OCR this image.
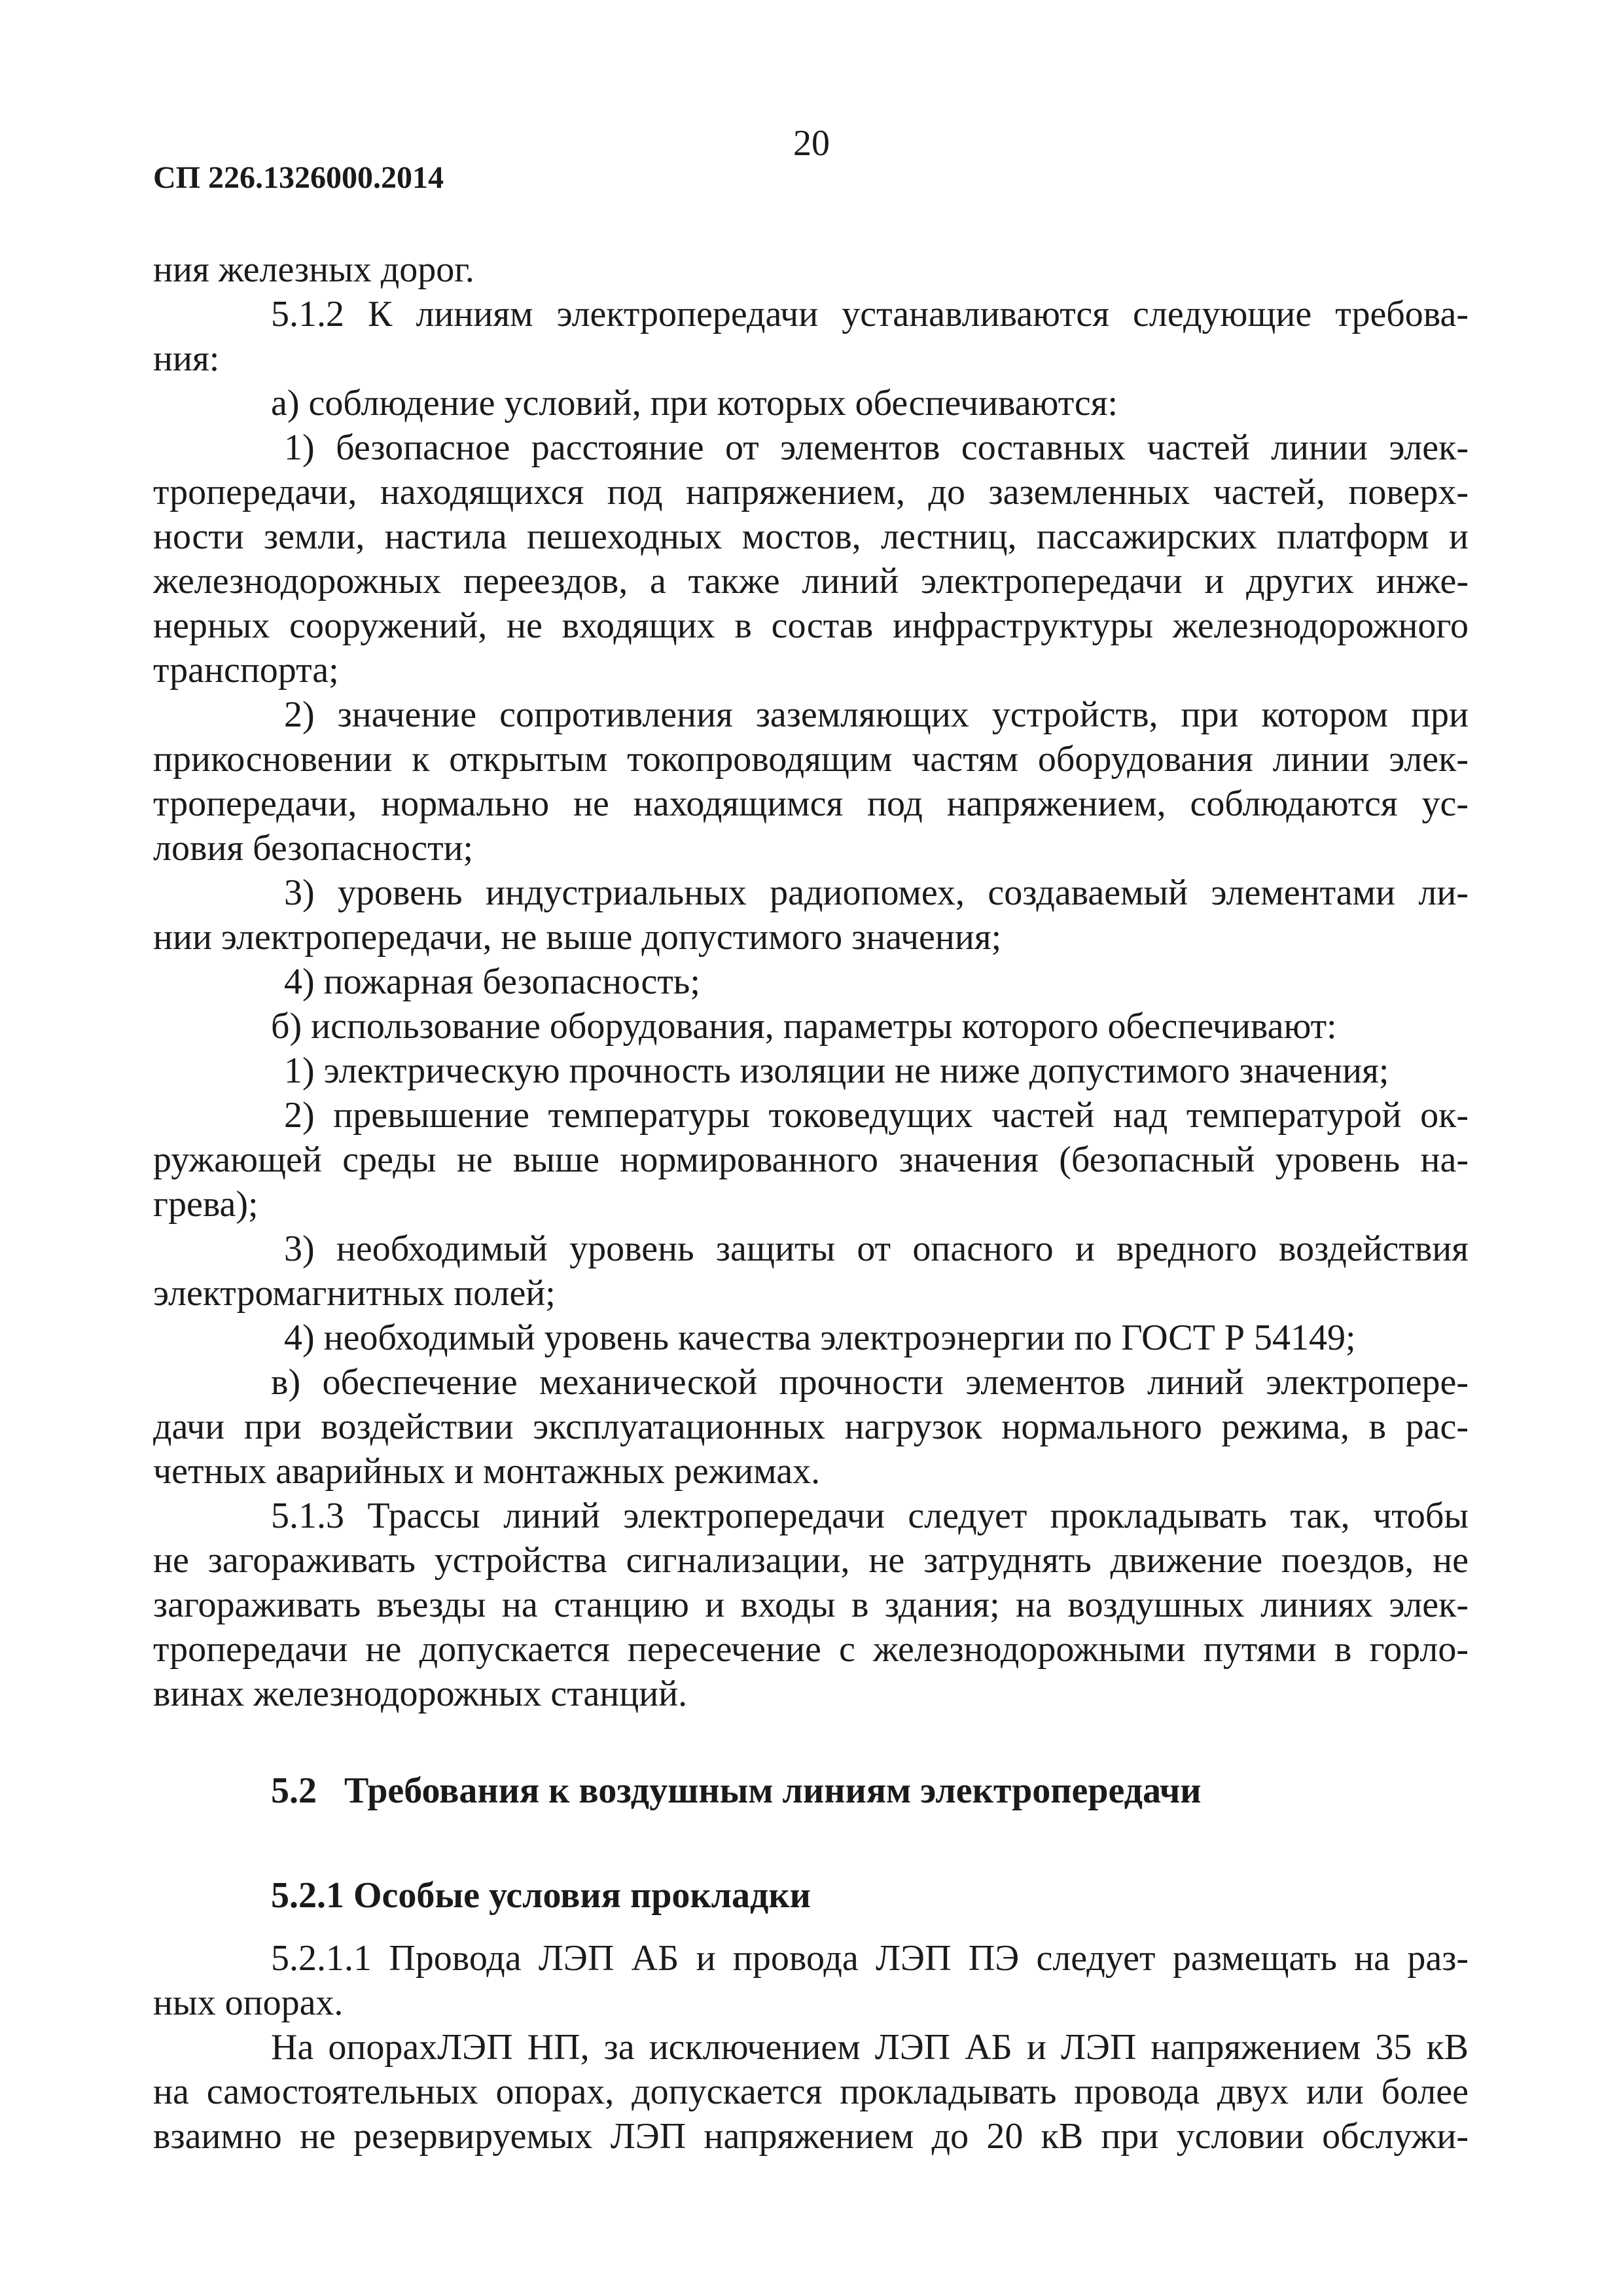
20
СП 226.1326000.2014
ния железных дорог.
5.1.2 К линиям электропередачи устанавливаются следующие требова-
ния:
а) соблюдение условий, при которых обеспечиваются:
1) безопасное расстояние от элементов составных частей линии элек-
тропередачи, находящихся под напряжением, до заземленных частей, поверх-
ности земли, настила пешеходных мостов, лестниц, пассажирских платформ и
железнодорожных переездов, а также линий электропередачи и других инже-
нерных сооружений, не входящих в состав инфраструктуры железнодорожного
транспорта;
2) значение сопротивления заземляющих устройств, при котором при
прикосновении к открытым токопроводящим частям оборудования линии элек-
тропередачи, нормально не находящимся под напряжением, соблюдаются ус-
ловия безопасности;
3) уровень индустриальных радиопомех, создаваемый элементами ли-
нии электропередачи, не выше допустимого значения;
4) пожарная безопасность;
б) использование оборудования, параметры которого обеспечивают:
1) электрическую прочность изоляции не ниже допустимого значения;
2) превышение температуры токоведущих частей над температурой ок-
ружающей среды не выше нормированного значения (безопасный уровень на-
грева);
3) необходимый уровень защиты от опасного и вредного воздействия
электромагнитных полей;
4) необходимый уровень качества электроэнергии по ГОСТ Р 54149;
в) обеспечение механической прочности элементов линий электропере-
дачи при воздействии эксплуатационных нагрузок нормального режима, в рас-
четных аварийных и монтажных режимах.
5.1.3 Трассы линий электропередачи следует прокладывать так, чтобы
не загораживать устройства сигнализации, не затруднять движение поездов, не
загораживать въезды на станцию и входы в здания; на воздушных линиях элек-
тропередачи не допускается пересечение с железнодорожными путями в горло-
винах железнодорожных станций.
5.2   Требования к воздушным линиям электропередачи
5.2.1 Особые условия прокладки
5.2.1.1 Провода ЛЭП АБ и провода ЛЭП ПЭ следует размещать на раз-
ных опорах.
На опорахЛЭП НП, за исключением ЛЭП АБ и ЛЭП напряжением 35 кВ
на самостоятельных опорах, допускается прокладывать провода двух или более
взаимно не резервируемых ЛЭП напряжением до 20 кВ при условии обслужи-
